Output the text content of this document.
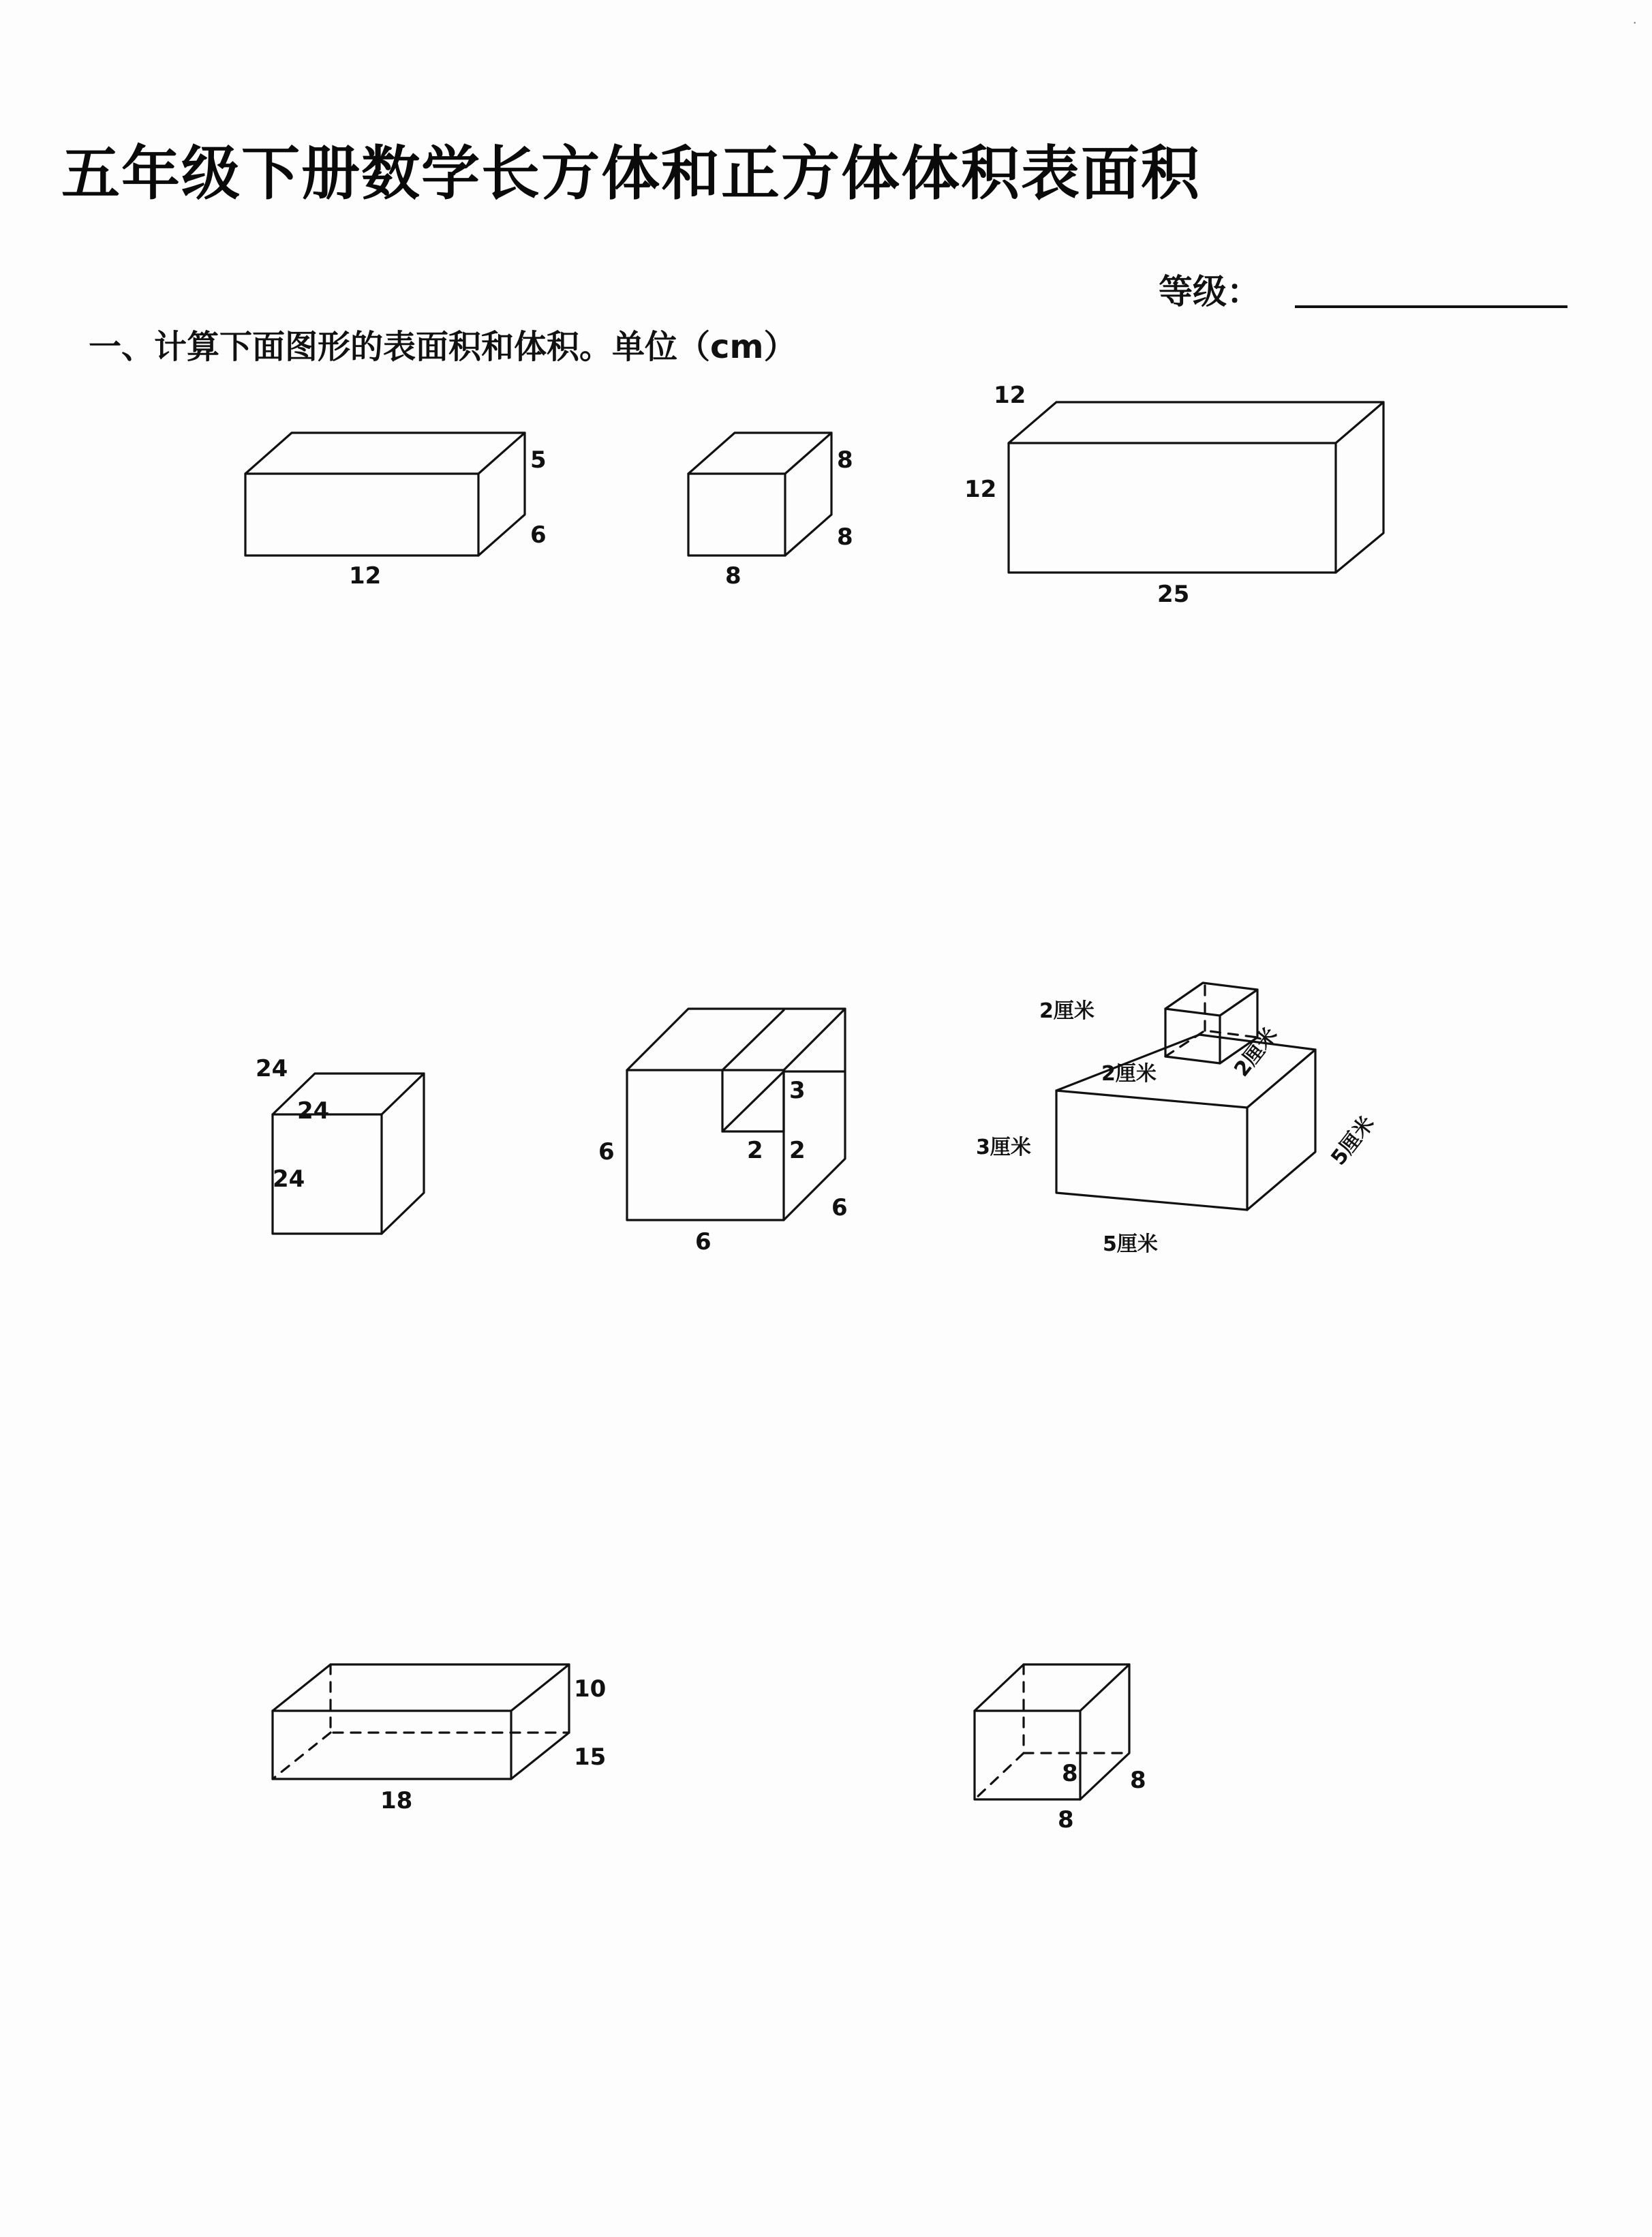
·
五年级下册数学长方体和正方体体积表面积
等级：
一、计算下面图形的表面积和体积。单位（cm）
5
6
12
8
8
8
12
12
25
24
24
24
3
2 2
6
6
6
2厘米
2厘米	2厘米
3厘米
5厘米
5厘米
10
15
18
8 8
8
